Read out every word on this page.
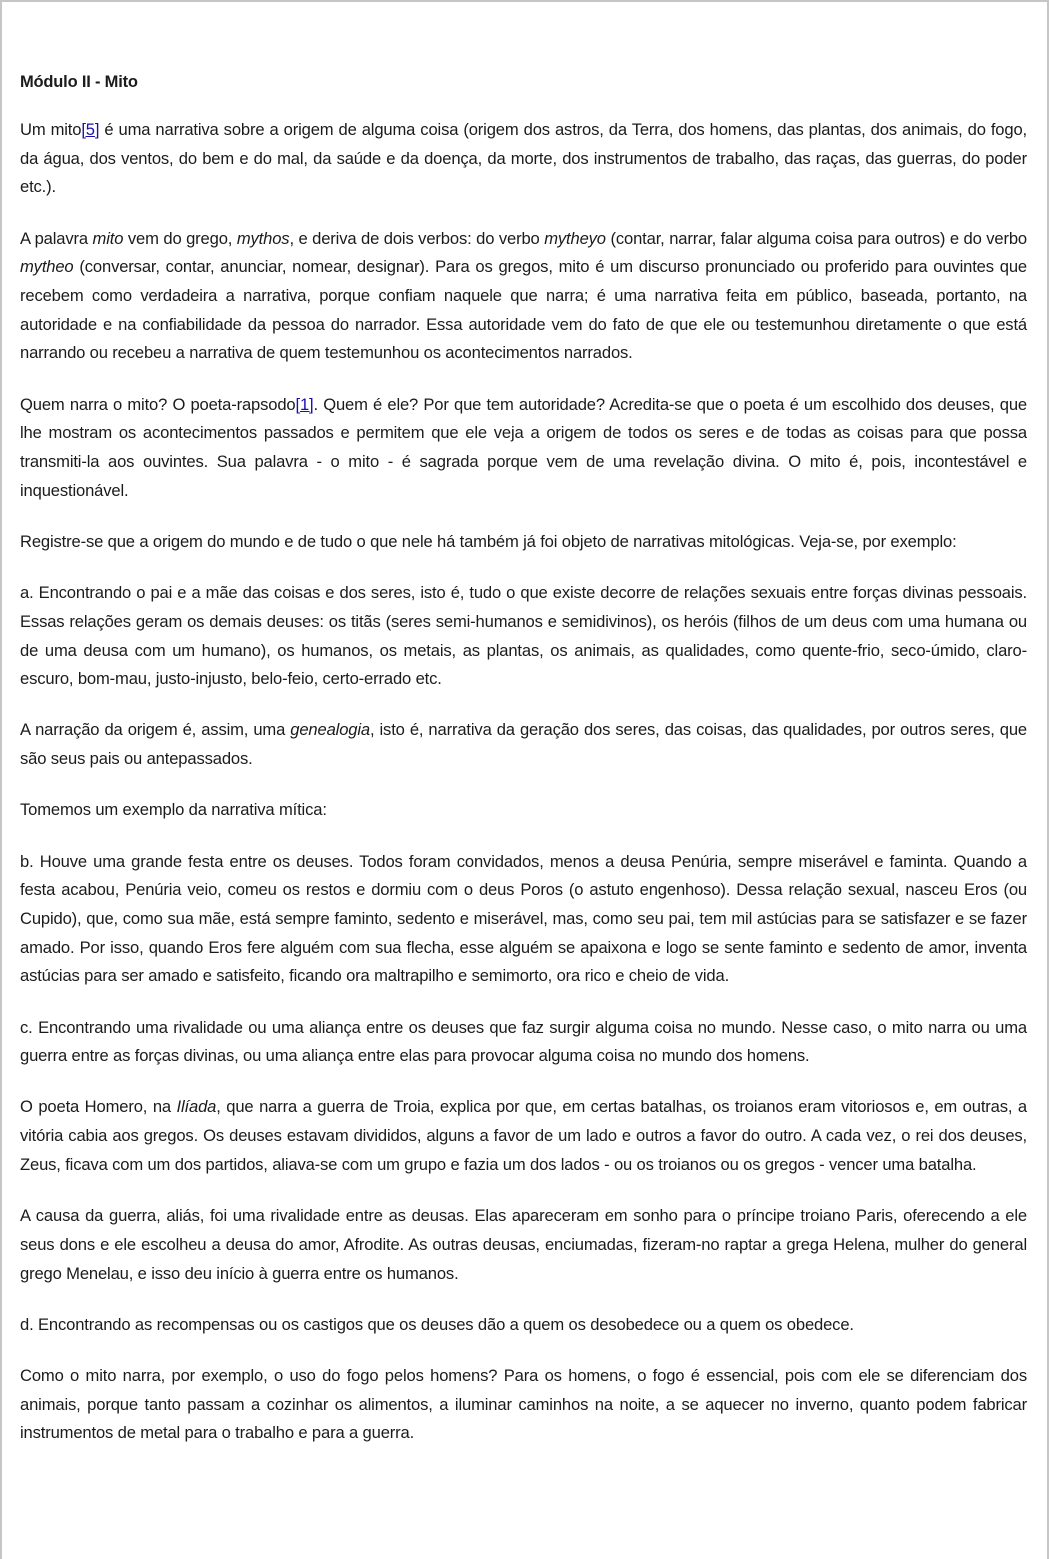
Módulo II - Mito

Um mito[5] é uma narrativa sobre a origem de alguma coisa (origem dos astros, da Terra, dos homens, das plantas, dos animais, do fogo, da água, dos ventos, do bem e do mal, da saúde e da doença, da morte, dos instrumentos de trabalho, das raças, das guerras, do poder etc.).

A palavra mito vem do grego, mythos, e deriva de dois verbos: do verbo mytheyo (contar, narrar, falar alguma coisa para outros) e do verbo mytheo (conversar, contar, anunciar, nomear, designar). Para os gregos, mito é um discurso pronunciado ou proferido para ouvintes que recebem como verdadeira a narrativa, porque confiam naquele que narra; é uma narrativa feita em público, baseada, portanto, na autoridade e na confiabilidade da pessoa do narrador. Essa autoridade vem do fato de que ele ou testemunhou diretamente o que está narrando ou recebeu a narrativa de quem testemunhou os acontecimentos narrados.

Quem narra o mito? O poeta-rapsodo[1]. Quem é ele? Por que tem autoridade? Acredita-se que o poeta é um escolhido dos deuses, que lhe mostram os acontecimentos passados e permitem que ele veja a origem de todos os seres e de todas as coisas para que possa transmiti-la aos ouvintes. Sua palavra - o mito - é sagrada porque vem de uma revelação divina. O mito é, pois, incontestável e inquestionável.

Registre-se que a origem do mundo e de tudo o que nele há também já foi objeto de narrativas mitológicas. Veja-se, por exemplo:

a. Encontrando o pai e a mãe das coisas e dos seres, isto é, tudo o que existe decorre de relações sexuais entre forças divinas pessoais. Essas relações geram os demais deuses: os titãs (seres semi-humanos e semidivinos), os heróis (filhos de um deus com uma humana ou de uma deusa com um humano), os humanos, os metais, as plantas, os animais, as qualidades, como quente-frio, seco-úmido, claro-escuro, bom-mau, justo-injusto, belo-feio, certo-errado etc.

A narração da origem é, assim, uma genealogia, isto é, narrativa da geração dos seres, das coisas, das qualidades, por outros seres, que são seus pais ou antepassados.

Tomemos um exemplo da narrativa mítica:

b. Houve uma grande festa entre os deuses. Todos foram convidados, menos a deusa Penúria, sempre miserável e faminta. Quando a festa acabou, Penúria veio, comeu os restos e dormiu com o deus Poros (o astuto engenhoso). Dessa relação sexual, nasceu Eros (ou Cupido), que, como sua mãe, está sempre faminto, sedento e miserável, mas, como seu pai, tem mil astúcias para se satisfazer e se fazer amado. Por isso, quando Eros fere alguém com sua flecha, esse alguém se apaixona e logo se sente faminto e sedento de amor, inventa astúcias para ser amado e satisfeito, ficando ora maltrapilho e semimorto, ora rico e cheio de vida.

c. Encontrando uma rivalidade ou uma aliança entre os deuses que faz surgir alguma coisa no mundo. Nesse caso, o mito narra ou uma guerra entre as forças divinas, ou uma aliança entre elas para provocar alguma coisa no mundo dos homens.

O poeta Homero, na Ilíada, que narra a guerra de Troia, explica por que, em certas batalhas, os troianos eram vitoriosos e, em outras, a vitória cabia aos gregos. Os deuses estavam divididos, alguns a favor de um lado e outros a favor do outro. A cada vez, o rei dos deuses, Zeus, ficava com um dos partidos, aliava-se com um grupo e fazia um dos lados - ou os troianos ou os gregos - vencer uma batalha.

A causa da guerra, aliás, foi uma rivalidade entre as deusas. Elas apareceram em sonho para o príncipe troiano Paris, oferecendo a ele seus dons e ele escolheu a deusa do amor, Afrodite. As outras deusas, enciumadas, fizeram-no raptar a grega Helena, mulher do general grego Menelau, e isso deu início à guerra entre os humanos.

d. Encontrando as recompensas ou os castigos que os deuses dão a quem os desobedece ou a quem os obedece.

Como o mito narra, por exemplo, o uso do fogo pelos homens? Para os homens, o fogo é essencial, pois com ele se diferenciam dos animais, porque tanto passam a cozinhar os alimentos, a iluminar caminhos na noite, a se aquecer no inverno, quanto podem fabricar instrumentos de metal para o trabalho e para a guerra.
